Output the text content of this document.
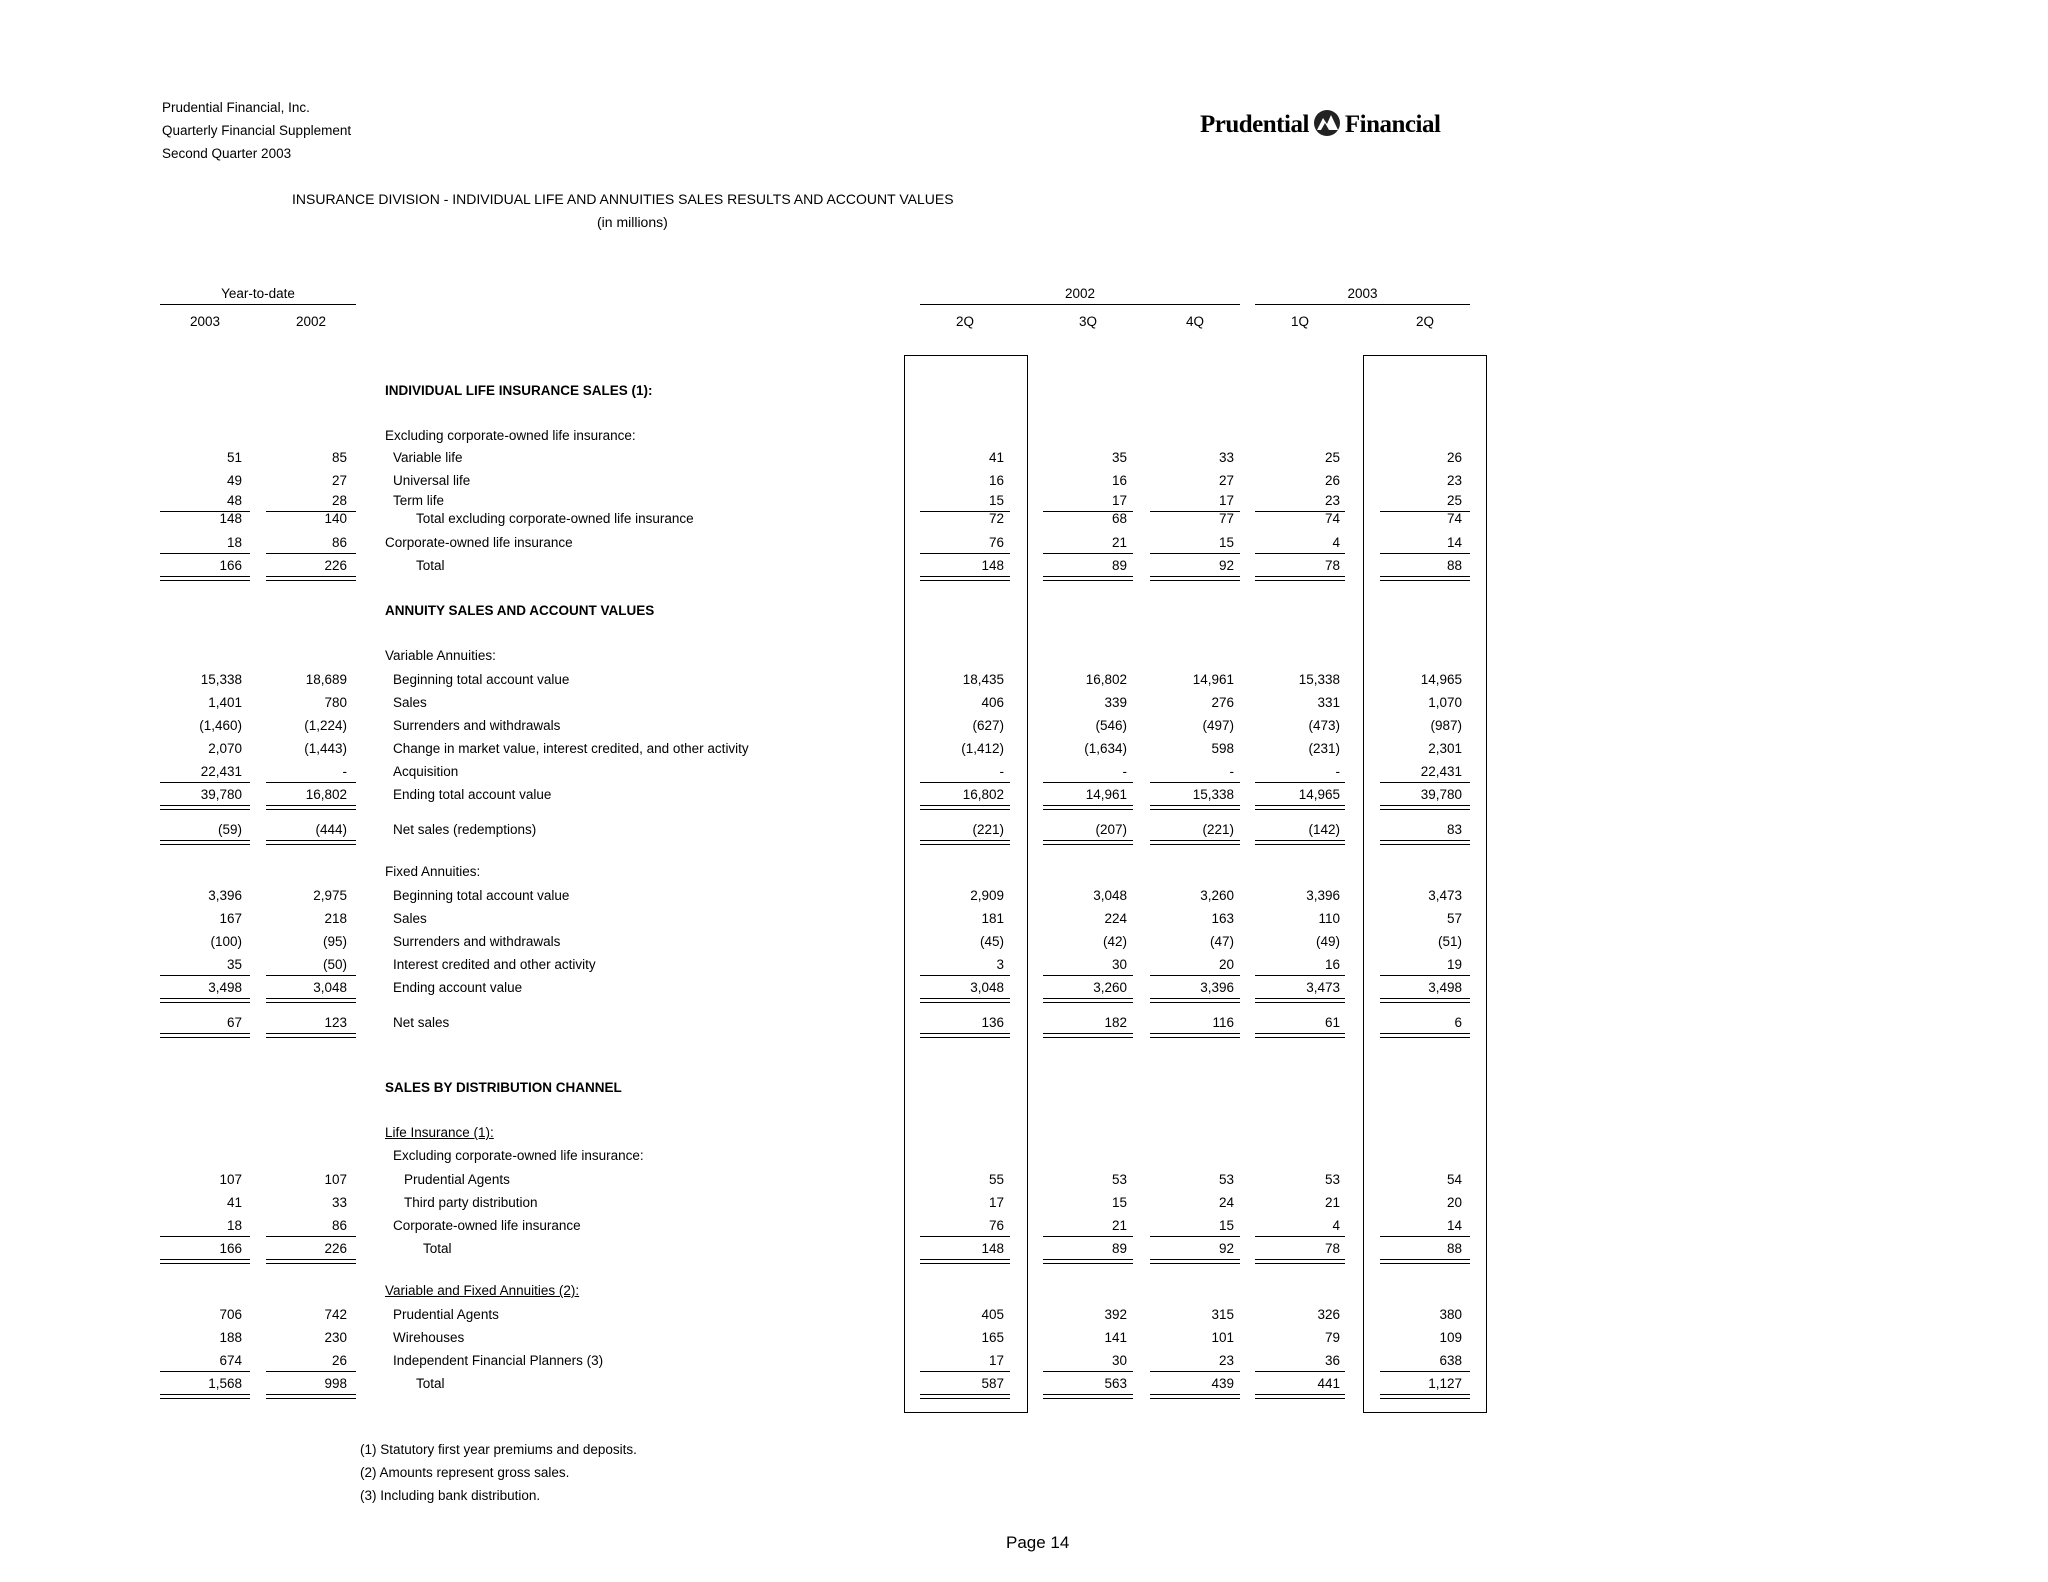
Prudential Financial, Inc.
Quarterly Financial Supplement
Second Quarter 2003
Prudential Financial
INSURANCE DIVISION - INDIVIDUAL LIFE AND ANNUITIES SALES RESULTS AND ACCOUNT VALUES
(in millions)
Year-to-date
2003	2002
2002	2003
2Q	3Q	4Q	1Q	2Q
INDIVIDUAL LIFE INSURANCE SALES (1):
Excluding corporate-owned life insurance:
ANNUITY SALES AND ACCOUNT VALUES
Variable Annuities:
Fixed Annuities:
SALES BY DISTRIBUTION CHANNEL
Life Insurance (1):
Excluding corporate-owned life insurance:
Variable and Fixed Annuities (2):
Variable life
51	85	41	35	33	25	26
Universal life
49	27	16	16	27	26	23
Term life
48	28	15	17	17	23	25
Total excluding corporate-owned life insurance
148	140	72	68	77	74	74
Corporate-owned life insurance
18	86	76	21	15	4	14
Total
166	226	148	89	92	78	88
Beginning total account value
15,338	18,689	18,435	16,802	14,961	15,338	14,965
Sales
1,401	780	406	339	276	331	1,070
Surrenders and withdrawals
(1,460)	(1,224)	(627)	(546)	(497)	(473)	(987)
Change in market value, interest credited, and other activity
2,070	(1,443)	(1,412)	(1,634)	598	(231)	2,301
Acquisition
22,431	-	-	-	-	-	22,431
Ending total account value
39,780	16,802	16,802	14,961	15,338	14,965	39,780
Net sales (redemptions)
(59)	(444)	(221)	(207)	(221)	(142)	83
Beginning total account value
3,396	2,975	2,909	3,048	3,260	3,396	3,473
Sales
167	218	181	224	163	110	57
Surrenders and withdrawals
(100)	(95)	(45)	(42)	(47)	(49)	(51)
Interest credited and other activity
35	(50)	3	30	20	16	19
Ending account value
3,498	3,048	3,048	3,260	3,396	3,473	3,498
Net sales
67	123	136	182	116	61	6
Prudential Agents
107	107	55	53	53	53	54
Third party distribution
41	33	17	15	24	21	20
Corporate-owned life insurance
18	86	76	21	15	4	14
Total
166	226	148	89	92	78	88
Prudential Agents
706	742	405	392	315	326	380
Wirehouses
188	230	165	141	101	79	109
Independent Financial Planners (3)
674	26	17	30	23	36	638
Total
1,568	998	587	563	439	441	1,127
(1) Statutory first year premiums and deposits.
(2) Amounts represent gross sales.
(3) Including bank distribution.
Page 14
